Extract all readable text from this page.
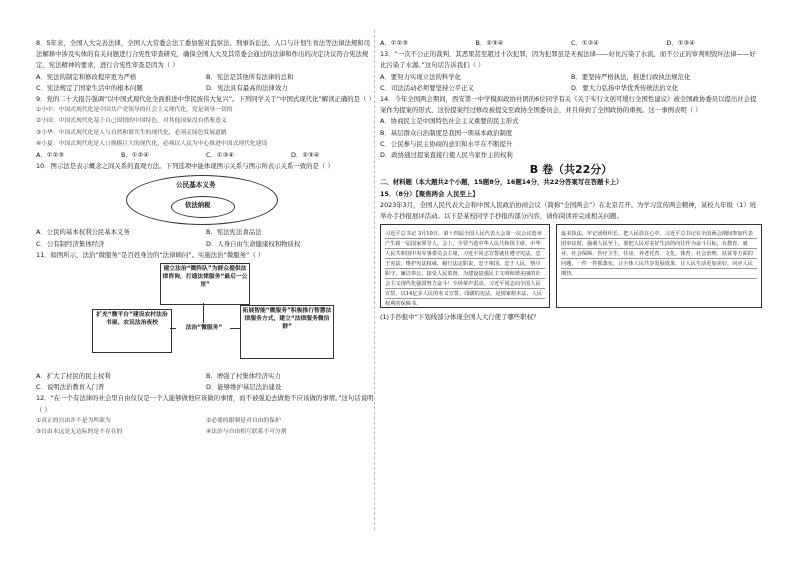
8．5年来，全国人大完善法律，全国人大常委会法工委加强对监察法、刑事诉讼法、人口与计划生育法等法律法规和司法解释中涉及实体的有关问题进行合宪性审查研究，确保全国人大及其常委会通过的法律和作出的决定决议符合宪法规定、宪法精神的要求，进行合宪性审查是因为（ ）

A．宪法的制定和修改程序更为严格	B．宪法是其他所有法律的总和
C．宪法规定了国家生活中的根本问题	D．宪法具有最高的法律效力

9．党的二十大报告强调“以中国式现代化全面推进中华民族伟大复兴”。下列同学关于“中国式现代化”解读正确的是（ ）

①小中：中国式现代化是中国共产党领导的社会主义现代化，党是领导一切的

②小国：中国式现代化基于自己国情的中国特色，对其他国家没有借鉴意义

③小华：中国式现代化是人与自然和谐共生的现代化，必须走绿色发展道路

④小夏：中国式现代化是人口规模巨大的现代化，必须以人民为中心推进中国式现代化建设

A．①②③	B．①②④	C．①③④	D．②③④

10．图示法是表示概念之间关系的直观方法。下列选项中能体现图示关系与图示所表示关系一致的是（ ）

公民基本义务
依法纳税
A．公民的基本权利公民基本义务	B．宪法宪法食品法
C．公有制经济集体经济	D．人身自由生命健康权和物质权

11．如图所示，法治“微服务”是百姓身边的“法律顾问”。实施法治“微服务”（ ）

建立法治“微阵队”为群众提供法律咨询，打通法律服务“最后一公里”
扩充“微平台”建设农村法治书屋、农民法治夜校
法治“微服务”
拓展智能“微服务”积极推行智慧法律服务方式，建立“法律服务微信群”
A．扩大了村民的民主权利	B．增强了村集体经济实力
C．说明法治教育入门普	D．能够维护基层法治建设

12．“在一个有法律的社会里自由仅仅是一个人能够做他应该做的事情，而不被强迫去做他不应该做的事情。”这句话说明（ ）

①真正的自由并不是为所欲为	②必要的限制是对自由的保护
③自由永远是无边际的是不存在的	④法治与自由相互联系不可分割
A．①②③	B．②③④	C．①②④	D．①③④

13．“一次不公正的裁判，其恶果甚至超过十次犯罪，因为犯罪虽是无视法律——好比污染了水流，而不公正的审判则毁坏法律——好比污染了水源。”这句话告诉我们（ ）

A．要努力实现立法的科学化	B．要坚持严格执法，推进行政执法规范化
C．司法活动必须要坚持公平正义	D．要大力弘扬中华优秀传统法治文化

14．今年全国两会期间，西安第一中学模拟政协社团的6位同学有关《关于实行文创可缓行全国性建议》被全国政协委员以提出社会提案作为提案的形式，这份提案经过修改被提交至政协全国委员会，并且得到了全国政协的重视。这一事例表明（ ）

A．协商民主是中国特色社会主义重要的民主形式

B．基层群众自治制度是我国一项基本政治制度

C．公民参与民主协商的意识和水平在不断提升

D．政协通过提案直接行使人民当家作主的权利

B 卷（共22分）

二、材料题（本大题共2个小题，15题8分，16题14分，共22分答案写在答题卡上）

15．（8分）【聚焦两会 人民至上】

2023年3月，全国人民代表大会和中国人民政治协商会议（简称“全国两会”）在北京召开。为学习宣传两会精神，某校九年级（1）班举办手抄报展评活动。以下是某校同学手抄报的部分内容，请你阅读并完成相关问题。

习近平总书记 3月10日，第十四届全国人民代表大会第一次会议选举产生新一届国家领导人。会上，全票当选中华人民共和国主席、中华人民共和国中央军事委员会主席，习近平同志宣誓就任遵守宪法，忠于宪法，维护宪法权威，履行法定职责，忠于祖国、忠于人民，恪尽职守、廉洁奉公，接受人民监督，为建设富强民主文明和谐美丽的社会主义现代化强国努力奋斗！全场掌声雷动。习近平同志向全国人民宣誓，以14亿多人民的名义宣誓。印刷的宪法，是国家根本法，人民权利的保障书。
最美执法，牢记团组织长，把人民放在心中。习近平总书记在全国两会期间参加代表团审议时，强调人民至上。要把人民对美好生活的向往作为奋斗目标，在教育、就业、社会保障、医疗卫生、住房、养老托育、文化、体育、社会治理、扶贫等方面的问题，一件一件抓落实，让全体人民共享发展成果，让人民生活更加美好。回应人民期待。

(1)手抄报中“下划线部分体现全国人大行使了哪些职权？
